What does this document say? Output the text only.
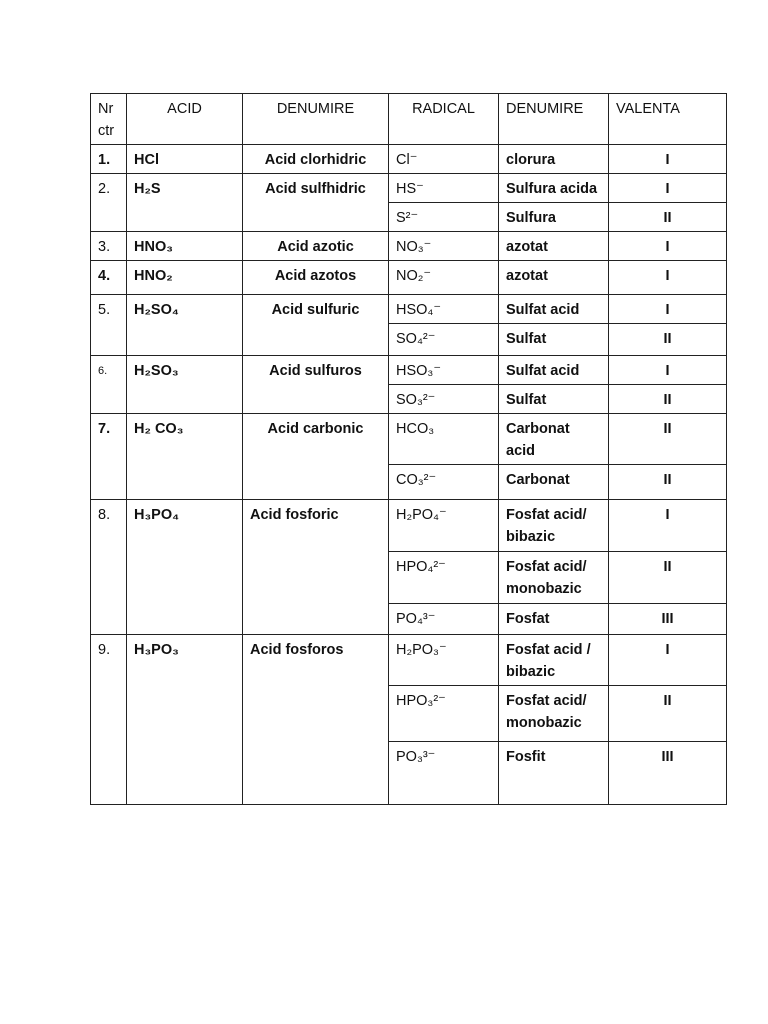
Nr ctr	ACID	DENUMIRE	RADICAL	DENUMIRE	VALENTA
1.	HCl	Acid clorhidric	Cl⁻	clorura	I
2.	H₂S	Acid sulfhidric	HS⁻	Sulfura acida	I
			S²⁻	Sulfura	II
3.	HNO₃	Acid azotic	NO₃⁻	azotat	I
4.	HNO₂	Acid azotos	NO₂⁻	azotat	I
5.	H₂SO₄	Acid sulfuric	HSO₄⁻	Sulfat acid	I
			SO₄²⁻	Sulfat	II
6.	H₂SO₃	Acid sulfuros	HSO₃⁻	Sulfat acid	I
			SO₃²⁻	Sulfat	II
7.	H₂ CO₃	Acid carbonic	HCO₃	Carbonat acid	II
			CO₃²⁻	Carbonat	II
8.	H₃PO₄	Acid fosforic	H₂PO₄⁻	Fosfat acid/ bibazic	I
			HPO₄²⁻	Fosfat acid/ monobazic	II
			PO₄³⁻	Fosfat	III
9.	H₃PO₃	Acid fosforos	H₂PO₃⁻	Fosfat acid / bibazic	I
			HPO₃²⁻	Fosfat acid/ monobazic	II
			PO₃³⁻	Fosfit	III
